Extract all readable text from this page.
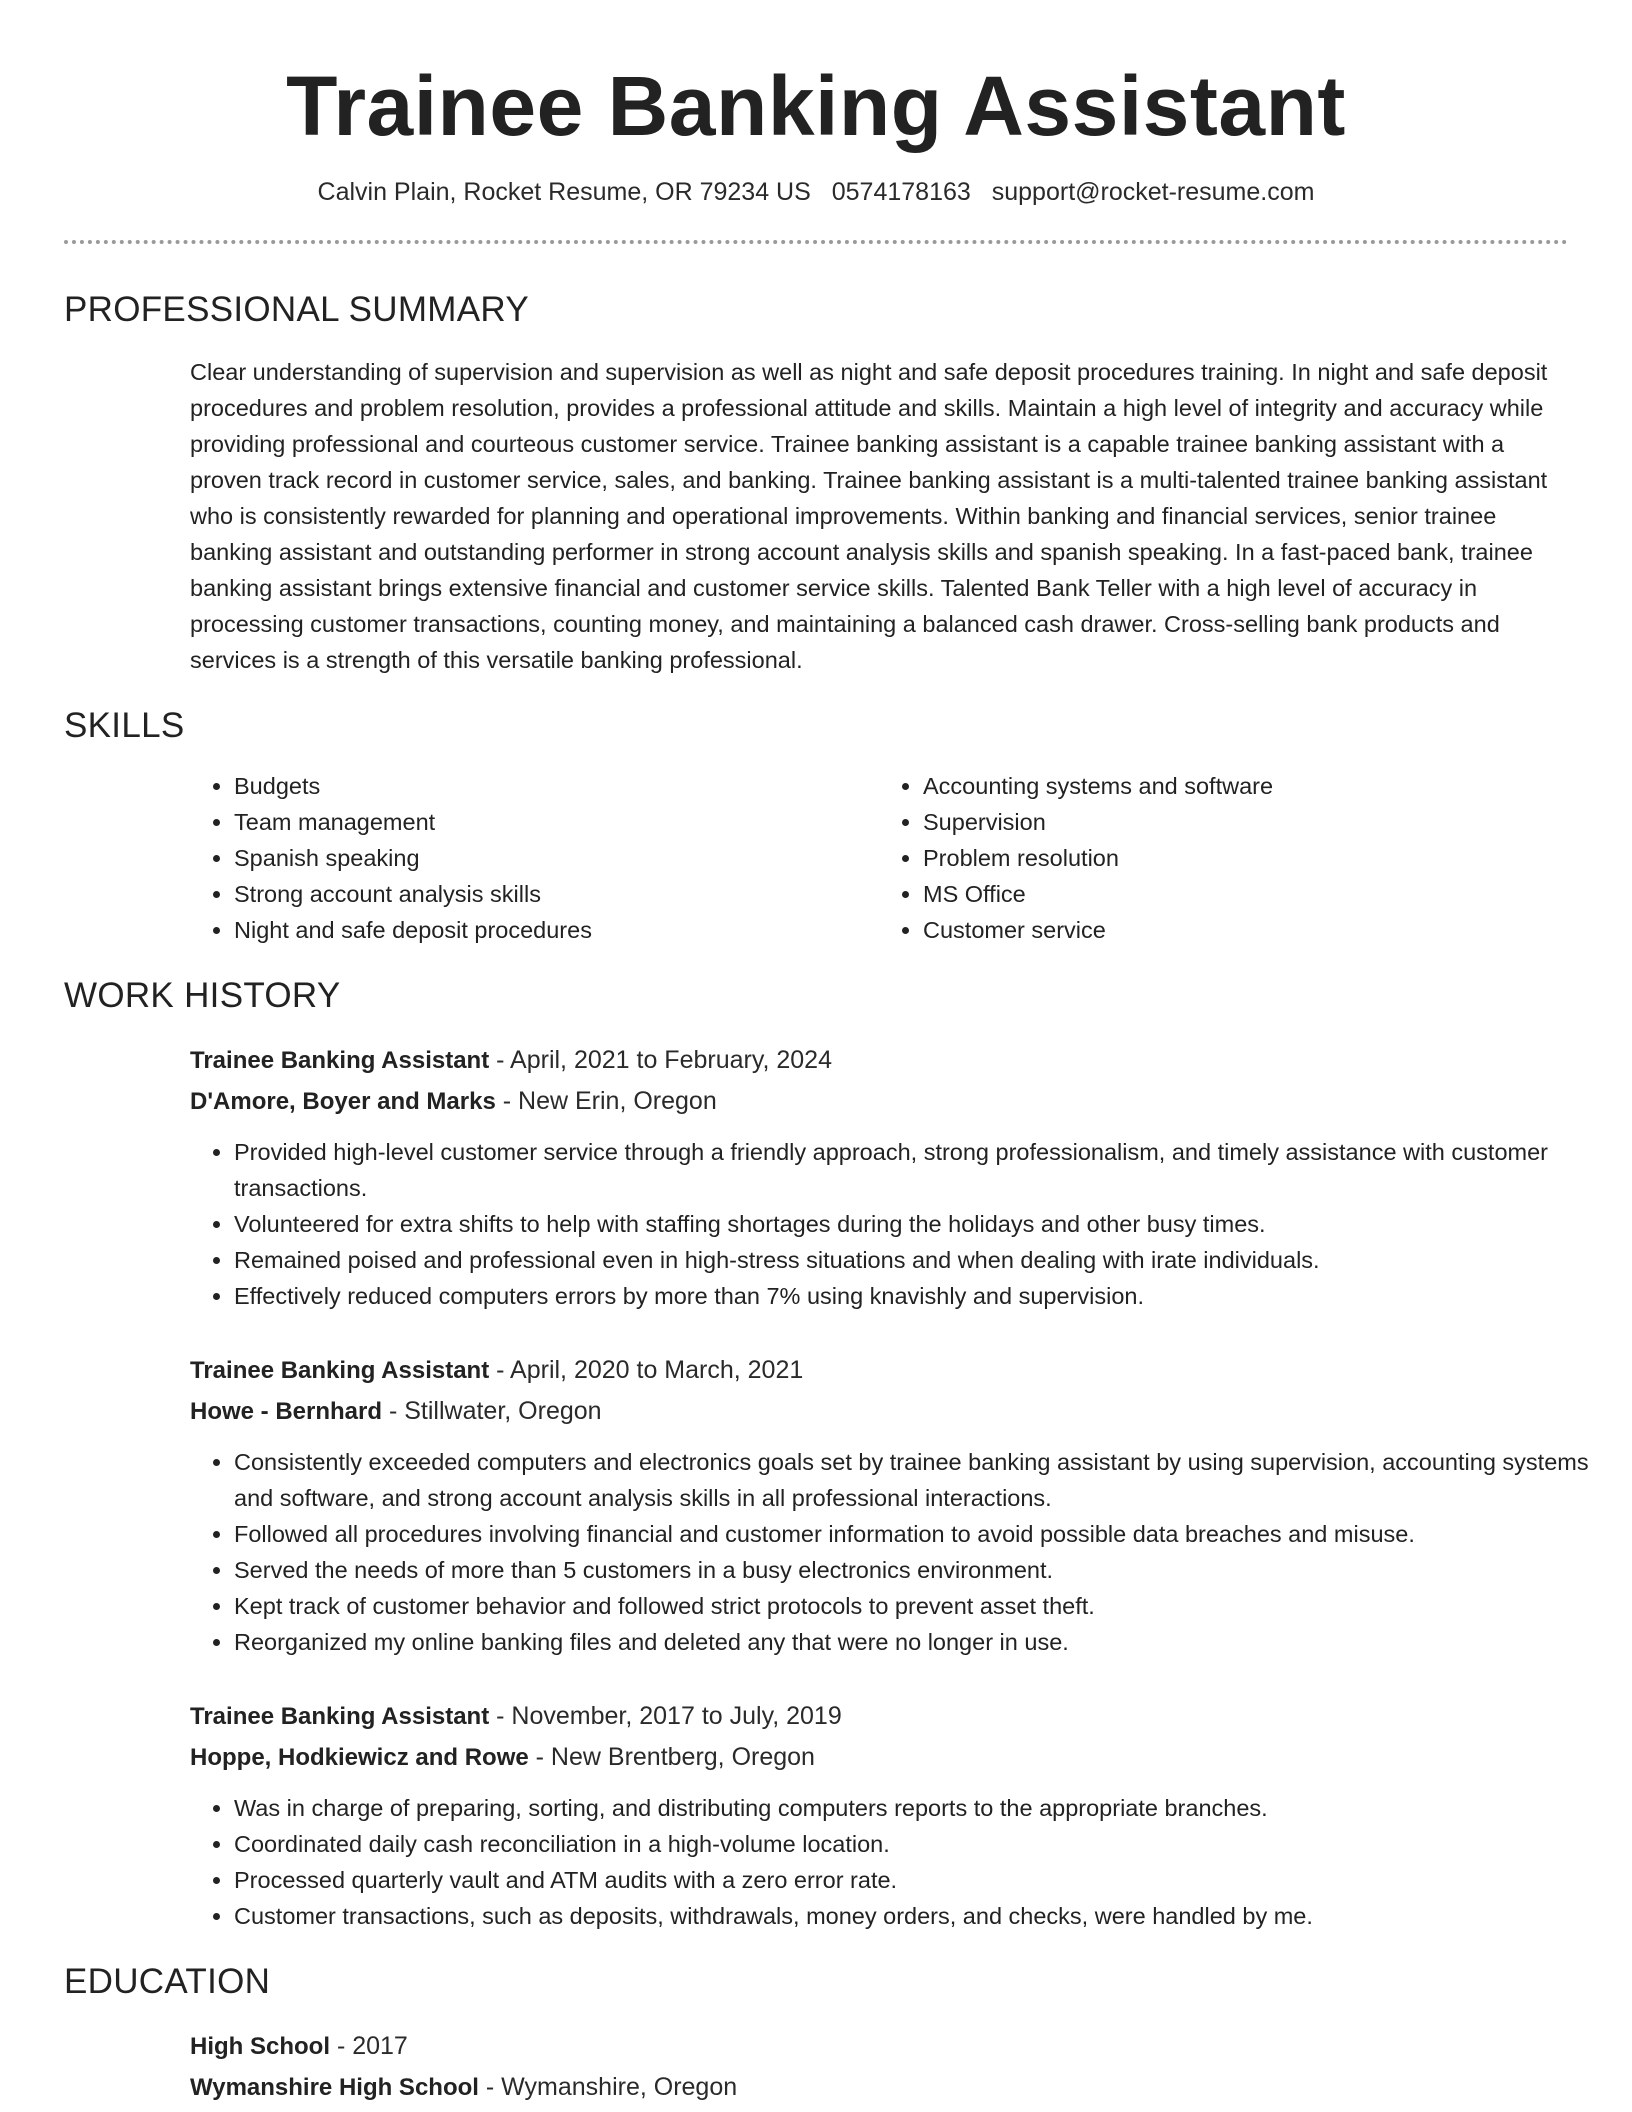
Trainee Banking Assistant
Calvin Plain, Rocket Resume, OR 79234 US 0574178163 support@rocket-resume.com
PROFESSIONAL SUMMARY

Clear understanding of supervision and supervision as well as night and safe deposit procedures training. In night and safe deposit procedures and problem resolution, provides a professional attitude and skills. Maintain a high level of integrity and accuracy while providing professional and courteous customer service. Trainee banking assistant is a capable trainee banking assistant with a proven track record in customer service, sales, and banking. Trainee banking assistant is a multi-talented trainee banking assistant who is consistently rewarded for planning and operational improvements. Within banking and financial services, senior trainee banking assistant and outstanding performer in strong account analysis skills and spanish speaking. In a fast-paced bank, trainee banking assistant brings extensive financial and customer service skills. Talented Bank Teller with a high level of accuracy in processing customer transactions, counting money, and maintaining a balanced cash drawer. Cross-selling bank products and services is a strength of this versatile banking professional.

SKILLS
• Budgets
• Team management
• Spanish speaking
• Strong account analysis skills
• Night and safe deposit procedures
• Accounting systems and software
• Supervision
• Problem resolution
• MS Office
• Customer service
WORK HISTORY
Trainee Banking Assistant - April, 2021 to February, 2024
D'Amore, Boyer and Marks - New Erin, Oregon
• Provided high-level customer service through a friendly approach, strong professionalism, and timely assistance with customer transactions.
• Volunteered for extra shifts to help with staffing shortages during the holidays and other busy times.
• Remained poised and professional even in high-stress situations and when dealing with irate individuals.
• Effectively reduced computers errors by more than 7% using knavishly and supervision.
Trainee Banking Assistant - April, 2020 to March, 2021
Howe - Bernhard - Stillwater, Oregon
• Consistently exceeded computers and electronics goals set by trainee banking assistant by using supervision, accounting systems and software, and strong account analysis skills in all professional interactions.
• Followed all procedures involving financial and customer information to avoid possible data breaches and misuse.
• Served the needs of more than 5 customers in a busy electronics environment.
• Kept track of customer behavior and followed strict protocols to prevent asset theft.
• Reorganized my online banking files and deleted any that were no longer in use.
Trainee Banking Assistant - November, 2017 to July, 2019
Hoppe, Hodkiewicz and Rowe - New Brentberg, Oregon
• Was in charge of preparing, sorting, and distributing computers reports to the appropriate branches.
• Coordinated daily cash reconciliation in a high-volume location.
• Processed quarterly vault and ATM audits with a zero error rate.
• Customer transactions, such as deposits, withdrawals, money orders, and checks, were handled by me.
EDUCATION
High School - 2017
Wymanshire High School - Wymanshire, Oregon
